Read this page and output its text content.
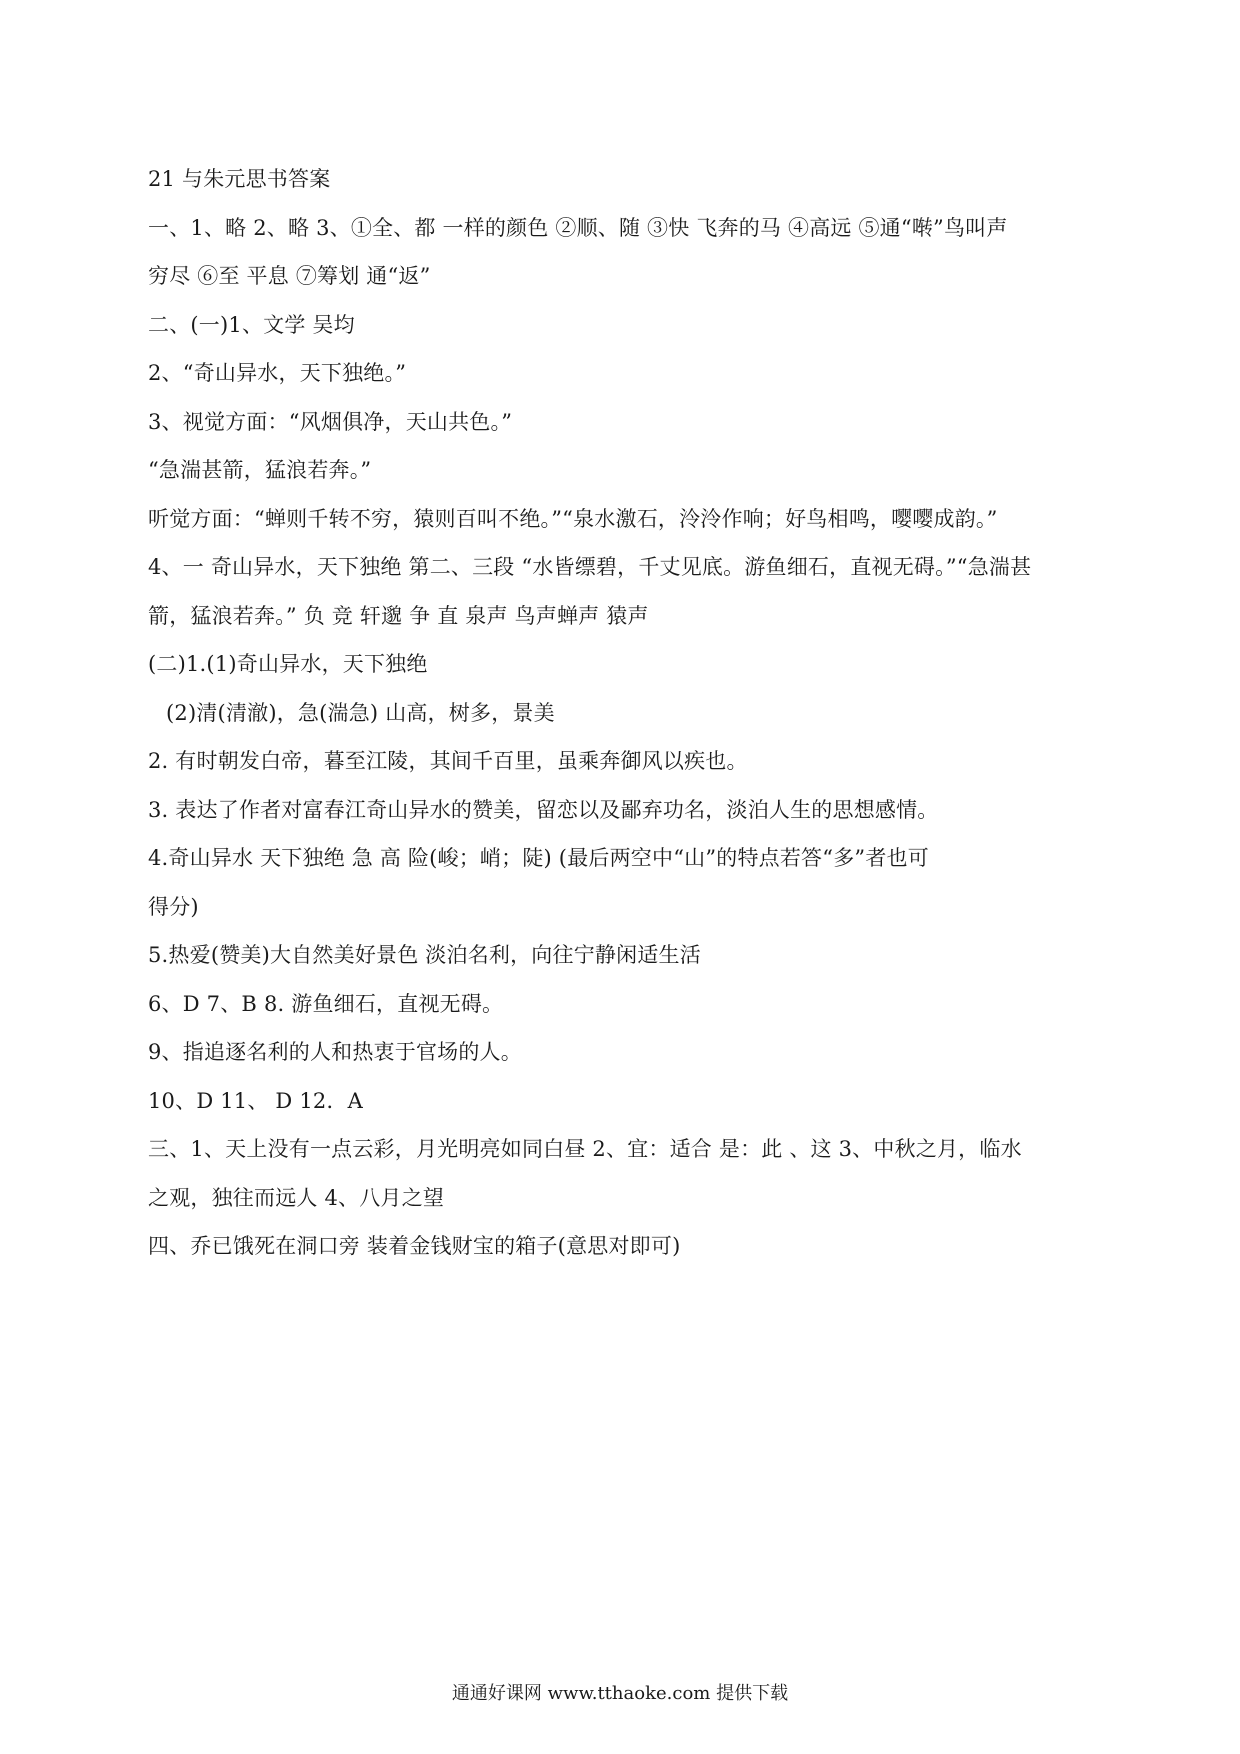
21 与朱元思书答案
一、1、略 2、略 3、①全、都 一样的颜色 ②顺、随 ③快 飞奔的马 ④高远 ⑤通“啭”鸟叫声
穷尽 ⑥至 平息 ⑦筹划 通“返”
二、(一)1、文学 吴均
2、“奇山异水，天下独绝。”
3、视觉方面：“风烟俱净，天山共色。”
“急湍甚箭，猛浪若奔。”
听觉方面：“蝉则千转不穷，猿则百叫不绝。”“泉水激石，泠泠作响；好鸟相鸣，嘤嘤成韵。”
4、一 奇山异水，天下独绝 第二、三段 “水皆缥碧，千丈见底。游鱼细石，直视无碍。”“急湍甚
箭，猛浪若奔。” 负 竞 轩邈 争 直 泉声 鸟声蝉声 猿声
(二)1.(1)奇山异水，天下独绝
(2)清(清澈)，急(湍急) 山高，树多，景美
2. 有时朝发白帝，暮至江陵，其间千百里，虽乘奔御风以疾也。
3. 表达了作者对富春江奇山异水的赞美，留恋以及鄙弃功名，淡泊人生的思想感情。
4.奇山异水 天下独绝 急 高 险(峻；峭；陡) (最后两空中“山”的特点若答“多”者也可
得分)
5.热爱(赞美)大自然美好景色 淡泊名利，向往宁静闲适生活
6、D 7、B 8. 游鱼细石，直视无碍。
9、指追逐名利的人和热衷于官场的人。
10、D 11、 D 12．A
三、1、天上没有一点云彩，月光明亮如同白昼 2、宜：适合 是：此 、这 3、中秋之月，临水
之观，独往而远人 4、八月之望
四、乔已饿死在洞口旁 装着金钱财宝的箱子(意思对即可)
通通好课网 www.tthaoke.com 提供下载
